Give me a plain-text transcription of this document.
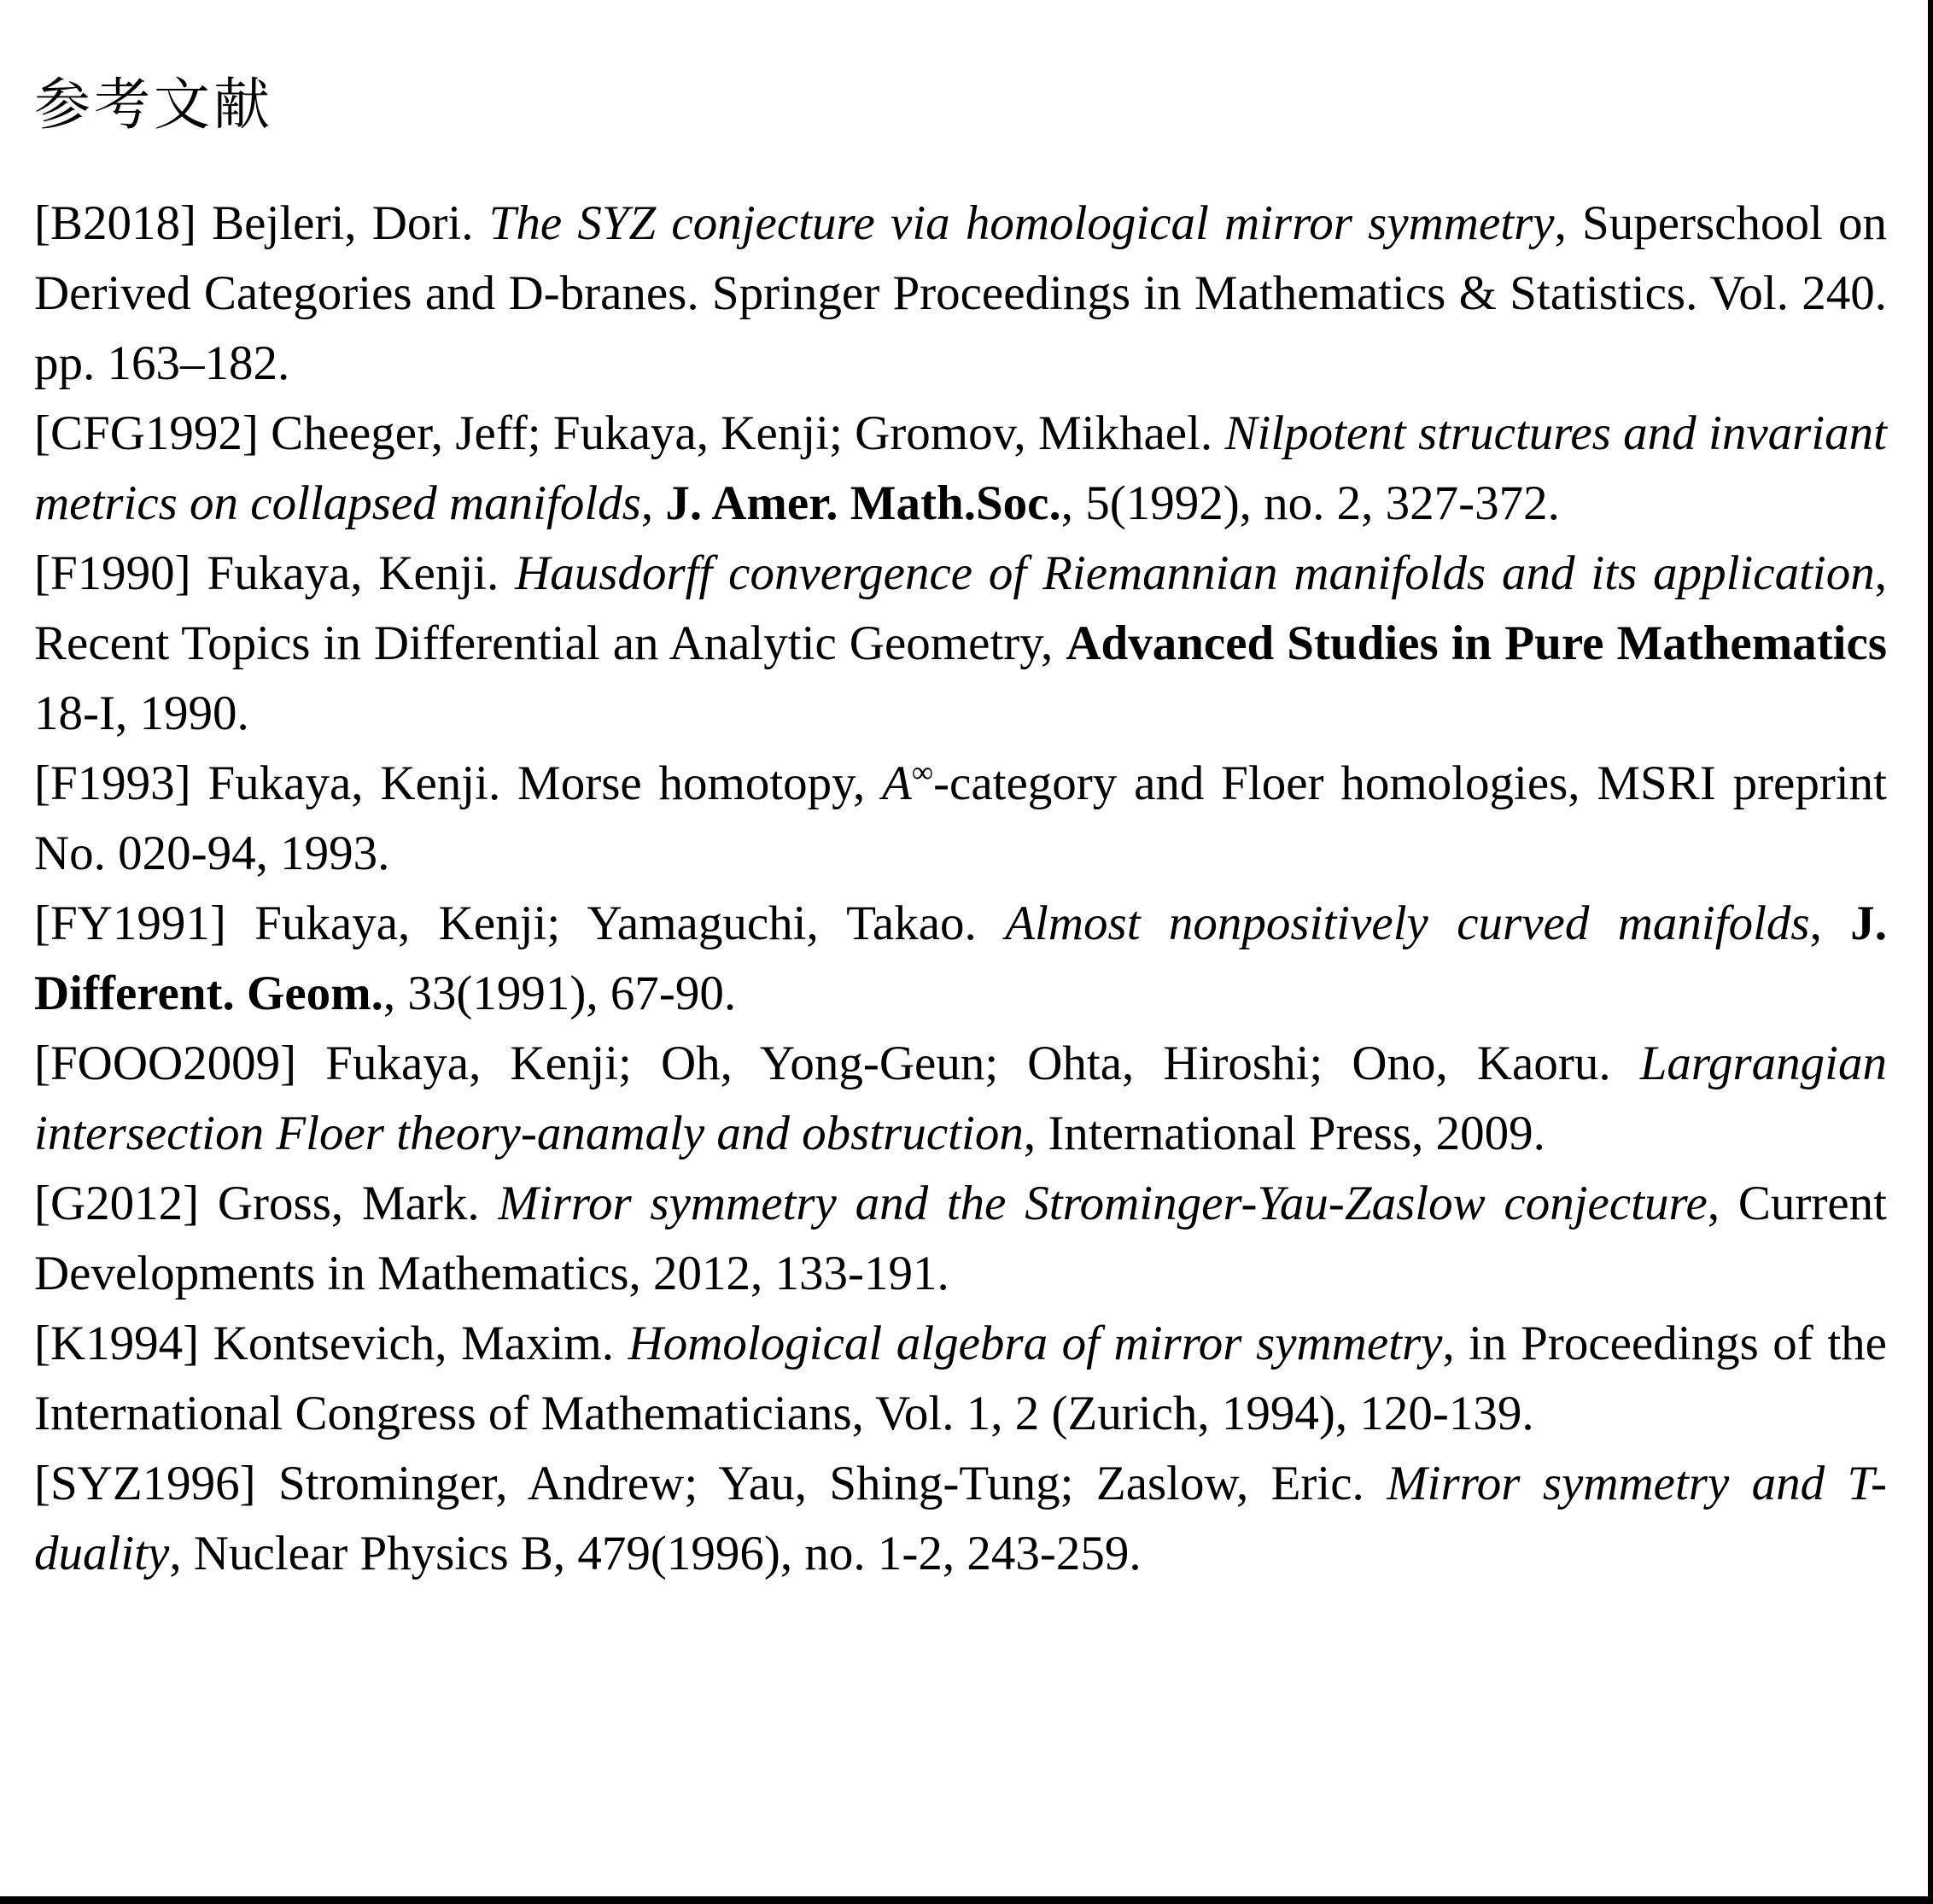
参考文献

[B2018] Bejleri, Dori. The SYZ conjecture via homological mirror symmetry, Superschool on Derived Categories and D-branes. Springer Proceedings in Mathematics & Statistics. Vol. 240. pp. 163–182.

[CFG1992] Cheeger, Jeff; Fukaya, Kenji; Gromov, Mikhael. Nilpotent structures and invariant metrics on collapsed manifolds, J. Amer. Math.Soc., 5(1992), no. 2, 327-372.

[F1990] Fukaya, Kenji. Hausdorff convergence of Riemannian manifolds and its application, Recent Topics in Differential an Analytic Geometry, Advanced Studies in Pure Mathematics 18-I, 1990.

[F1993] Fukaya, Kenji. Morse homotopy, A∞-category and Floer homologies, MSRI preprint No. 020-94, 1993.

[FY1991] Fukaya, Kenji; Yamaguchi, Takao. Almost nonpositively curved manifolds, J. Different. Geom., 33(1991), 67-90.

[FOOO2009] Fukaya, Kenji; Oh, Yong-Geun; Ohta, Hiroshi; Ono, Kaoru. Largrangian intersection Floer theory-anamaly and obstruction, International Press, 2009.

[G2012] Gross, Mark. Mirror symmetry and the Strominger-Yau-Zaslow conjecture, Current Developments in Mathematics, 2012, 133-191.

[K1994] Kontsevich, Maxim. Homological algebra of mirror symmetry, in Proceedings of the International Congress of Mathematicians, Vol. 1, 2 (Zurich, 1994), 120-139.

[SYZ1996] Strominger, Andrew; Yau, Shing-Tung; Zaslow, Eric. Mirror symmetry and T-duality, Nuclear Physics B, 479(1996), no. 1-2, 243-259.
